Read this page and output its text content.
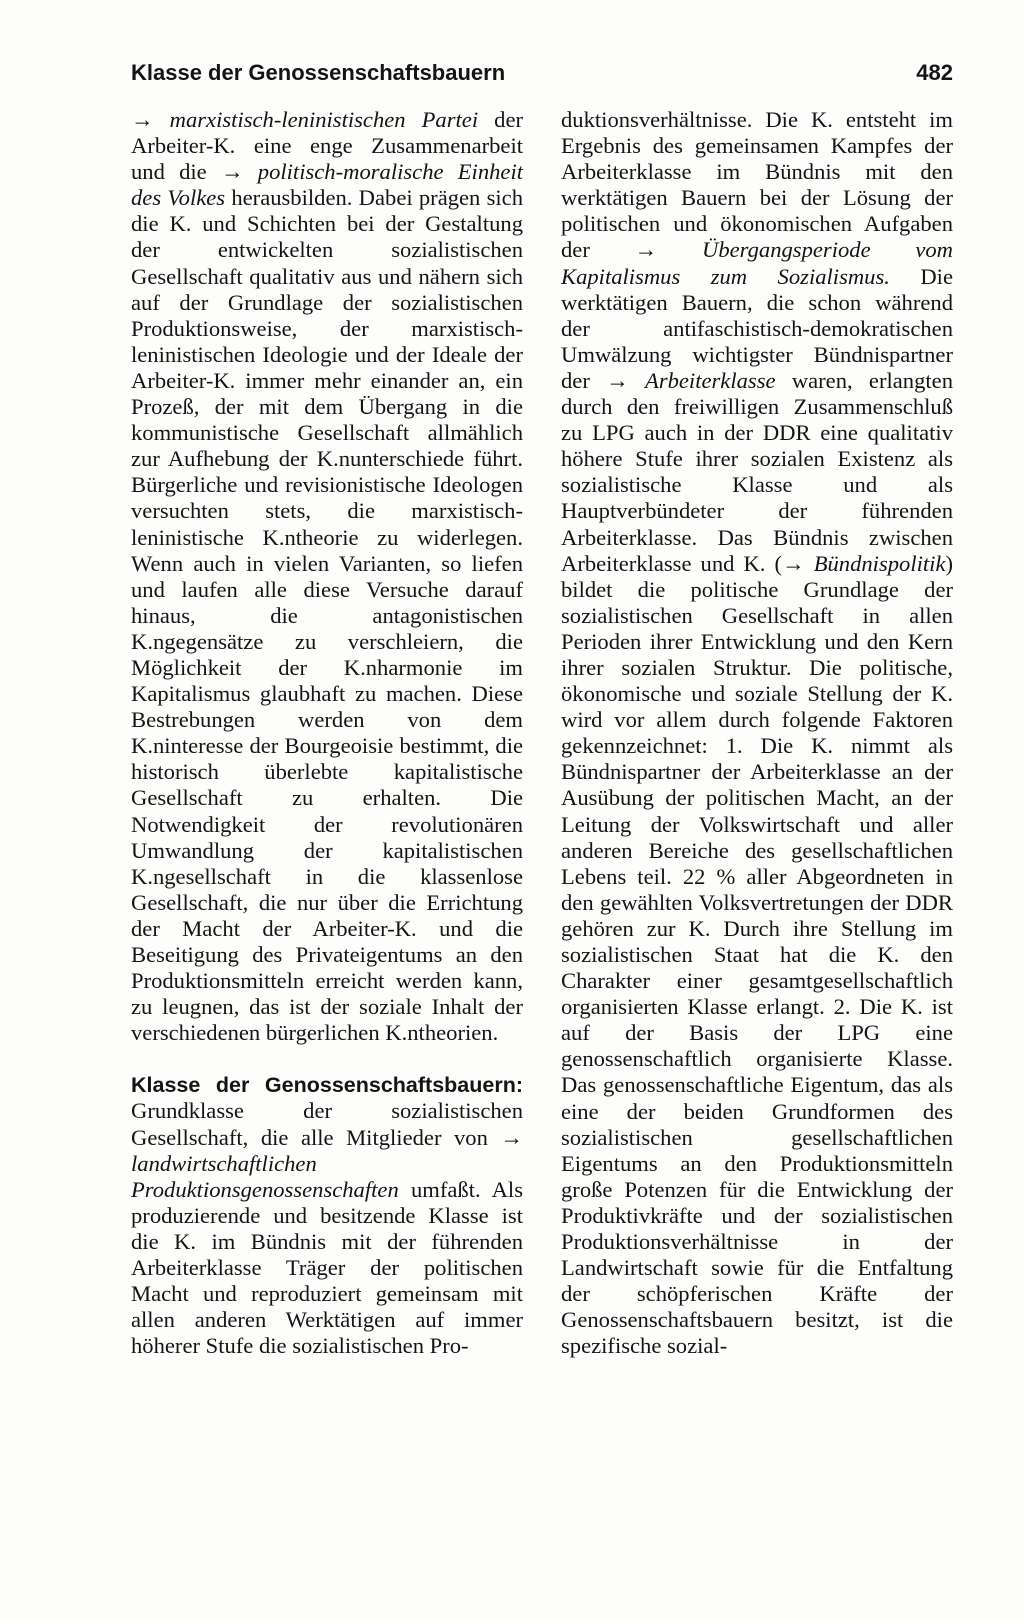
Klasse der Genossenschaftsbauern	482

→ marxistisch-leninistischen Partei der Arbeiter-K. eine enge Zusammenarbeit und die → politisch-moralische Einheit des Volkes herausbilden. Dabei prägen sich die K. und Schichten bei der Gestaltung der entwickelten sozialistischen Gesellschaft qualitativ aus und nähern sich auf der Grundlage der sozialistischen Produktionsweise, der marxistisch-leninistischen Ideologie und der Ideale der Arbeiter-K. immer mehr einander an, ein Prozeß, der mit dem Übergang in die kommunistische Gesellschaft allmählich zur Aufhebung der K.nunterschiede führt. Bürgerliche und revisionistische Ideologen versuchten stets, die marxistisch-leninistische K.ntheorie zu widerlegen. Wenn auch in vielen Varianten, so liefen und laufen alle diese Versuche darauf hinaus, die antagonistischen K.ngegensätze zu verschleiern, die Möglichkeit der K.nharmonie im Kapitalismus glaubhaft zu machen. Diese Bestrebungen werden von dem K.ninteresse der Bourgeoisie bestimmt, die historisch überlebte kapitalistische Gesellschaft zu erhalten. Die Notwendigkeit der revolutionären Umwandlung der kapitalistischen K.ngesellschaft in die klassenlose Gesellschaft, die nur über die Errichtung der Macht der Arbeiter-K. und die Beseitigung des Privateigentums an den Produktionsmitteln erreicht werden kann, zu leugnen, das ist der soziale Inhalt der verschiedenen bürgerlichen K.ntheorien.

Klasse der Genossenschaftsbauern: Grundklasse der sozialistischen Gesellschaft, die alle Mitglieder von → landwirtschaftlichen Produktionsgenossenschaften umfaßt. Als produzierende und besitzende Klasse ist die K. im Bündnis mit der führenden Arbeiterklasse Träger der politischen Macht und reproduziert gemeinsam mit allen anderen Werktätigen auf immer höherer Stufe die sozialistischen Pro-

duktionsverhältnisse. Die K. entsteht im Ergebnis des gemeinsamen Kampfes der Arbeiterklasse im Bündnis mit den werktätigen Bauern bei der Lösung der politischen und ökonomischen Aufgaben der → Übergangsperiode vom Kapitalismus zum Sozialismus. Die werktätigen Bauern, die schon während der antifaschistisch-demokratischen Umwälzung wichtigster Bündnispartner der → Arbeiterklasse waren, erlangten durch den freiwilligen Zusammenschluß zu LPG auch in der DDR eine qualitativ höhere Stufe ihrer sozialen Existenz als sozialistische Klasse und als Hauptverbündeter der führenden Arbeiterklasse. Das Bündnis zwischen Arbeiterklasse und K. (→ Bündnispolitik) bildet die politische Grundlage der sozialistischen Gesellschaft in allen Perioden ihrer Entwicklung und den Kern ihrer sozialen Struktur. Die politische, ökonomische und soziale Stellung der K. wird vor allem durch folgende Faktoren gekennzeichnet: 1. Die K. nimmt als Bündnispartner der Arbeiterklasse an der Ausübung der politischen Macht, an der Leitung der Volkswirtschaft und aller anderen Bereiche des gesellschaftlichen Lebens teil. 22 % aller Abgeordneten in den gewählten Volksvertretungen der DDR gehören zur K. Durch ihre Stellung im sozialistischen Staat hat die K. den Charakter einer gesamtgesellschaftlich organisierten Klasse erlangt. 2. Die K. ist auf der Basis der LPG eine genossenschaftlich organisierte Klasse. Das genossenschaftliche Eigentum, das als eine der beiden Grundformen des sozialistischen gesellschaftlichen Eigentums an den Produktionsmitteln große Potenzen für die Entwicklung der Produktivkräfte und der sozialistischen Produktionsverhältnisse in der Landwirtschaft sowie für die Entfaltung der schöpferischen Kräfte der Genossenschaftsbauern besitzt, ist die spezifische sozial-
